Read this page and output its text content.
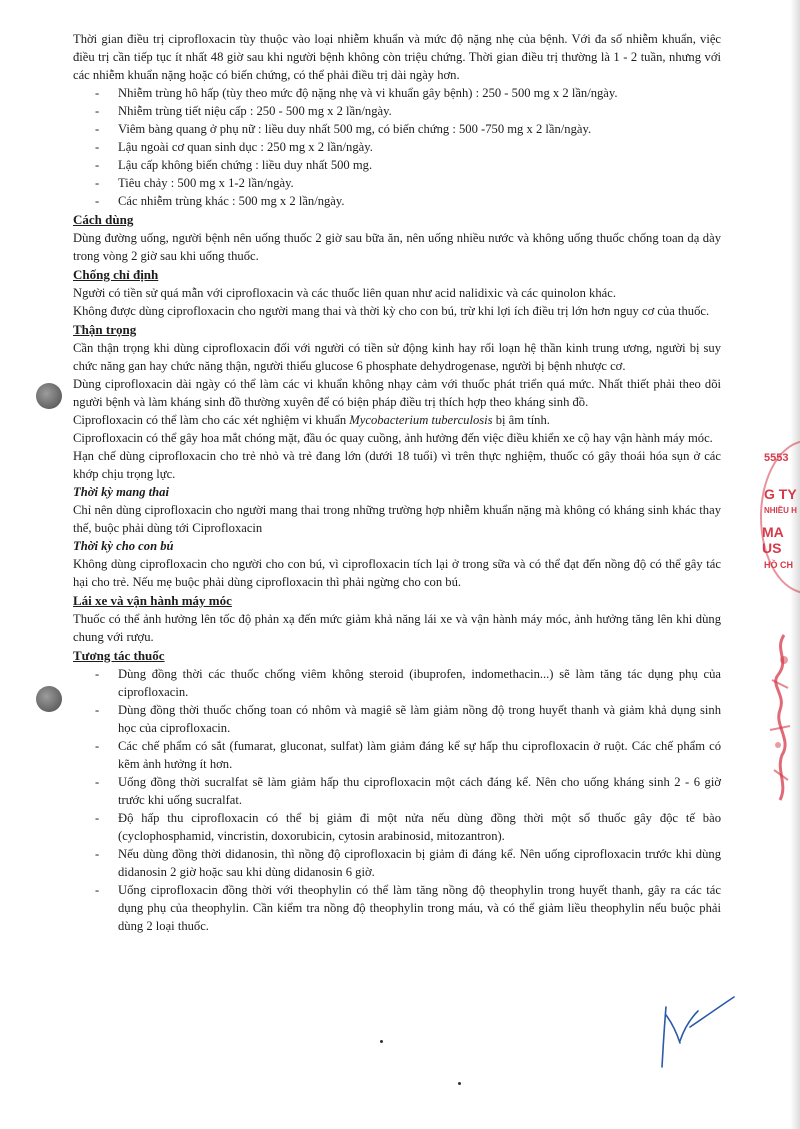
Thời gian điều trị ciprofloxacin tùy thuộc vào loại nhiễm khuẩn và mức độ nặng nhẹ của bệnh. Với đa số nhiễm khuẩn, việc điều trị cần tiếp tục ít nhất 48 giờ sau khi người bệnh không còn triệu chứng. Thời gian điều trị thường là 1 - 2 tuần, nhưng với các nhiễm khuẩn nặng hoặc có biến chứng, có thể phải điều trị dài ngày hơn.

- Nhiễm trùng hô hấp (tùy theo mức độ nặng nhẹ và vi khuẩn gây bệnh) : 250 - 500 mg x 2 lần/ngày.
- Nhiễm trùng tiết niệu cấp : 250 - 500 mg x 2 lần/ngày.
- Viêm bàng quang ở phụ nữ : liều duy nhất 500 mg, có biến chứng : 500 -750 mg x 2 lần/ngày.
- Lậu ngoài cơ quan sinh dục : 250 mg x 2 lần/ngày.
- Lậu cấp không biến chứng : liều duy nhất 500 mg.
- Tiêu chảy : 500 mg x 1-2 lần/ngày.
- Các nhiễm trùng khác : 500 mg x 2 lần/ngày.
Cách dùng

Dùng đường uống, người bệnh nên uống thuốc 2 giờ sau bữa ăn, nên uống nhiều nước và không uống thuốc chống toan dạ dày trong vòng 2 giờ sau khi uống thuốc.

Chống chỉ định

Người có tiền sử quá mẫn với ciprofloxacin và các thuốc liên quan như acid nalidixic và các quinolon khác.

Không được dùng ciprofloxacin cho người mang thai và thời kỳ cho con bú, trừ khi lợi ích điều trị lớn hơn nguy cơ của thuốc.

Thận trọng

Cần thận trọng khi dùng ciprofloxacin đối với người có tiền sử động kinh hay rối loạn hệ thần kinh trung ương, người bị suy chức năng gan hay chức năng thận, người thiếu glucose 6 phosphate dehydrogenase, người bị bệnh nhược cơ.

Dùng ciprofloxacin dài ngày có thể làm các vi khuẩn không nhạy cảm với thuốc phát triển quá mức. Nhất thiết phải theo dõi người bệnh và làm kháng sinh đồ thường xuyên để có biện pháp điều trị thích hợp theo kháng sinh đồ.

Ciprofloxacin có thể làm cho các xét nghiệm vi khuẩn Mycobacterium tuberculosis bị âm tính.

Ciprofloxacin có thể gây hoa mắt chóng mặt, đầu óc quay cuồng, ảnh hưởng đến việc điều khiển xe cộ hay vận hành máy móc.

Hạn chế dùng ciprofloxacin cho trẻ nhỏ và trẻ đang lớn (dưới 18 tuổi) vì trên thực nghiệm, thuốc có gây thoái hóa sụn ở các khớp chịu trọng lực.

Thời kỳ mang thai

Chỉ nên dùng ciprofloxacin cho người mang thai trong những trường hợp nhiễm khuẩn nặng mà không có kháng sinh khác thay thế, buộc phải dùng tới Ciprofloxacin

Thời kỳ cho con bú

Không dùng ciprofloxacin cho người cho con bú, vì ciprofloxacin tích lại ở trong sữa và có thể đạt đến nồng độ có thể gây tác hại cho trẻ. Nếu mẹ buộc phải dùng ciprofloxacin thì phải ngừng cho con bú.

Lái xe và vận hành máy móc

Thuốc có thể ảnh hưởng lên tốc độ phản xạ đến mức giảm khả năng lái xe và vận hành máy móc, ảnh hưởng tăng lên khi dùng chung với rượu.

Tương tác thuốc
- Dùng đồng thời các thuốc chống viêm không steroid (ibuprofen, indomethacin...) sẽ làm tăng tác dụng phụ của ciprofloxacin.
- Dùng đồng thời thuốc chống toan có nhôm và magiê sẽ làm giảm nồng độ trong huyết thanh và giảm khả dụng sinh học của ciprofloxacin.
- Các chế phẩm có sắt (fumarat, gluconat, sulfat) làm giảm đáng kể sự hấp thu ciprofloxacin ở ruột. Các chế phẩm có kẽm ảnh hưởng ít hơn.
- Uống đồng thời sucralfat sẽ làm giảm hấp thu ciprofloxacin một cách đáng kể. Nên cho uống kháng sinh 2 - 6 giờ trước khi uống sucralfat.
- Độ hấp thu ciprofloxacin có thể bị giảm đi một nửa nếu dùng đồng thời một số thuốc gây độc tế bào (cyclophosphamid, vincristin, doxorubicin, cytosin arabinosid, mitozantron).
- Nếu dùng đồng thời didanosin, thì nồng độ ciprofloxacin bị giảm đi đáng kể. Nên uống ciprofloxacin trước khi dùng didanosin 2 giờ hoặc sau khi dùng didanosin 6 giờ.
- Uống ciprofloxacin đồng thời với theophylin có thể làm tăng nồng độ theophylin trong huyết thanh, gây ra các tác dụng phụ của theophylin. Cần kiểm tra nồng độ theophylin trong máu, và có thể giảm liều theophylin nếu buộc phải dùng 2 loại thuốc.
5553
G TY
NHIỀU H
MA US
HỒ CH
